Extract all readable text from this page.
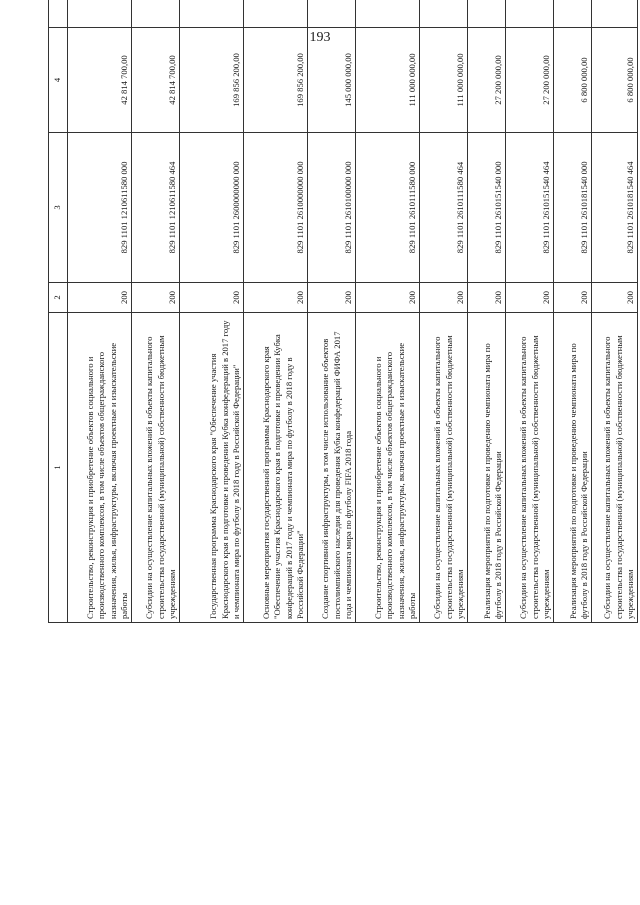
193
1	2	3	4		
Строительство, реконструкция и приобретение объектов социального и производственного комплексов, в том числе объектов общегражданского назначения, жилья, инфраструктуры, включая проектные и изыскательские работы	200	829 1101 1210611580 000	42 814 700,00		
Субсидии на осуществление капитальных вложений в объекты капитального строительства государственной (муниципальной) собственности бюджетным учреждениям	200	829 1101 1210611580 464	42 814 700,00		
Государственная программа Краснодарского края "Обеспечение участия Краснодарского края в подготовке и проведении Кубка конфедераций в 2017 году и чемпионата мира по футболу в 2018 году в Российской Федерации"	200	829 1101 2600000000 000	169 856 200,00		
Основные мероприятия государственной программы Краснодарского края "Обеспечение участия Краснодарского края в подготовке и проведении Кубка конфедераций в 2017 году и чемпионата мира по футболу в 2018 году в Российской Федерации"	200	829 1101 2610000000 000	169 856 200,00		
Создание спортивной инфраструктуры, в том числе использование объектов постолимпийского наследия для проведения Кубка конфедераций ФИФА 2017 года и чемпионата мира по футболу FIFA 2018 года	200	829 1101 2610100000 000	145 000 000,00		
Строительство, реконструкция и приобретение объектов социального и производственного комплексов, в том числе объектов общегражданского назначения, жилья, инфраструктуры, включая проектные и изыскательские работы	200	829 1101 2610111580 000	111 000 000,00		
Субсидии на осуществление капитальных вложений в объекты капитального строительства государственной (муниципальной) собственности бюджетным учреждениям	200	829 1101 2610111580 464	111 000 000,00		
Реализация мероприятий по подготовке и проведению чемпионата мира по футболу в 2018 году в Российской Федерации	200	829 1101 2610151540 000	27 200 000,00		
Субсидии на осуществление капитальных вложений в объекты капитального строительства государственной (муниципальной) собственности бюджетным учреждениям	200	829 1101 2610151540 464	27 200 000,00		
Реализация мероприятий по подготовке и проведению чемпионата мира по футболу в 2018 году в Российской Федерации	200	829 1101 2610181540 000	6 800 000,00		
Субсидии на осуществление капитальных вложений в объекты капитального строительства государственной (муниципальной) собственности бюджетным учреждениям	200	829 1101 2610181540 464	6 800 000,00		
